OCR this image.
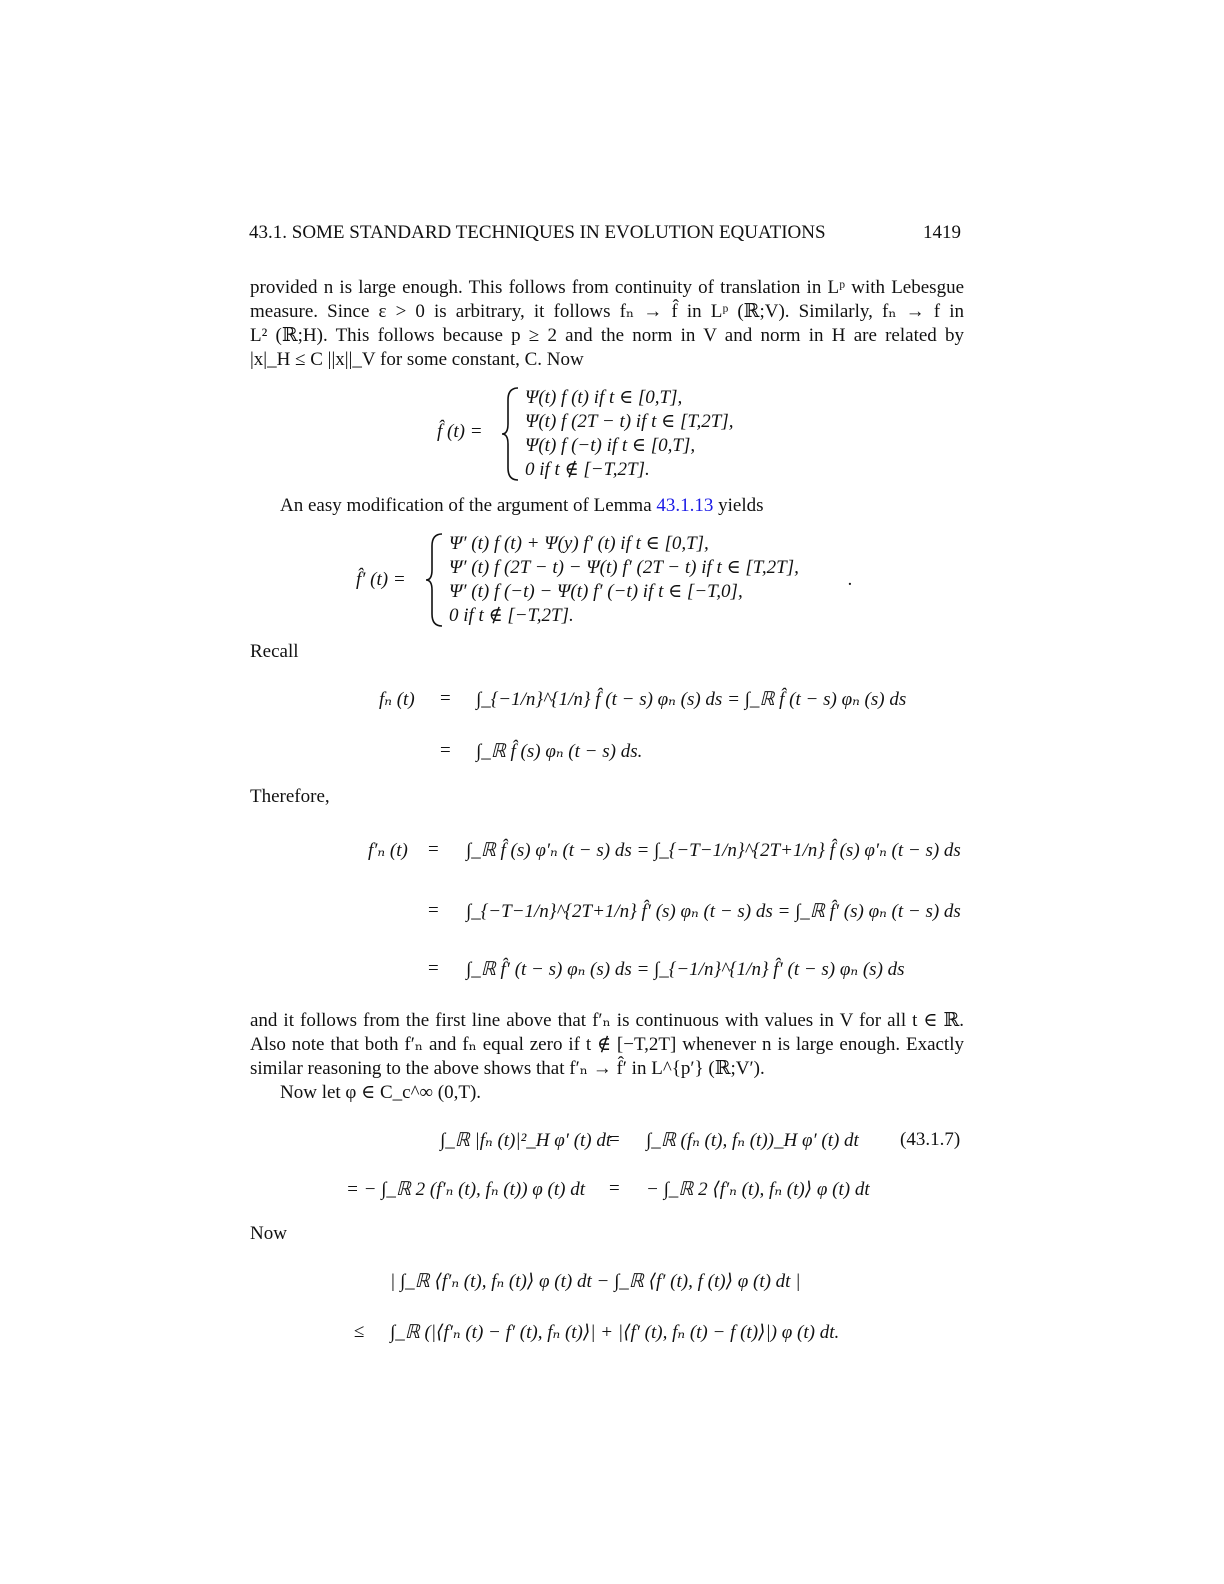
43.1. SOME STANDARD TECHNIQUES IN EVOLUTION EQUATIONS	1419
provided n is large enough. This follows from continuity of translation in Lᵖ with Lebesgue
measure. Since ε > 0 is arbitrary, it follows fₙ → f̂ in Lᵖ (ℝ;V). Similarly, fₙ → f in
L² (ℝ;H). This follows because p ≥ 2 and the norm in V and norm in H are related by
|x|_H ≤ C ||x||_V for some constant, C. Now
f̂ (t) =
Ψ(t) f (t) if t ∈ [0,T],
Ψ(t) f (2T − t) if t ∈ [T,2T],
Ψ(t) f (−t) if t ∈ [0,T],
0 if t ∉ [−T,2T].
An easy modification of the argument of Lemma 43.1.13 yields
f̂′ (t) =
Ψ′ (t) f (t) + Ψ(y) f′ (t) if t ∈ [0,T],
Ψ′ (t) f (2T − t) − Ψ(t) f′ (2T − t) if t ∈ [T,2T],
Ψ′ (t) f (−t) − Ψ(t) f′ (−t) if t ∈ [−T,0],
0 if t ∉ [−T,2T].
.
Recall
fₙ (t) = ∫_{−1/n}^{1/n} f̂ (t − s) φₙ (s) ds = ∫_ℝ f̂ (t − s) φₙ (s) ds
= ∫_ℝ f̂ (s) φₙ (t − s) ds.
Therefore,
f′ₙ (t) = ∫_ℝ f̂ (s) φ′ₙ (t − s) ds = ∫_{−T−1/n}^{2T+1/n} f̂ (s) φ′ₙ (t − s) ds
= ∫_{−T−1/n}^{2T+1/n} f̂′ (s) φₙ (t − s) ds = ∫_ℝ f̂′ (s) φₙ (t − s) ds
= ∫_ℝ f̂′ (t − s) φₙ (s) ds = ∫_{−1/n}^{1/n} f̂′ (t − s) φₙ (s) ds
and it follows from the first line above that f′ₙ is continuous with values in V for all t ∈ ℝ.
Also note that both f′ₙ and fₙ equal zero if t ∉ [−T,2T] whenever n is large enough. Exactly
similar reasoning to the above shows that f′ₙ → f̂′ in L^{p′} (ℝ;V′).
Now let φ ∈ C_c^∞ (0,T).
∫_ℝ |fₙ (t)|²_H φ′ (t) dt
= ∫_ℝ (fₙ (t), fₙ (t))_H φ′ (t) dt (43.1.7)
= − ∫_ℝ 2 (f′ₙ (t), fₙ (t)) φ (t) dt = − ∫_ℝ 2 ⟨f′ₙ (t), fₙ (t)⟩ φ (t) dt
Now
| ∫_ℝ ⟨f′ₙ (t), fₙ (t)⟩ φ (t) dt − ∫_ℝ ⟨f′ (t), f (t)⟩ φ (t) dt |
≤ ∫_ℝ (|⟨f′ₙ (t) − f′ (t), fₙ (t)⟩| + |⟨f′ (t), fₙ (t) − f (t)⟩|) φ (t) dt.
